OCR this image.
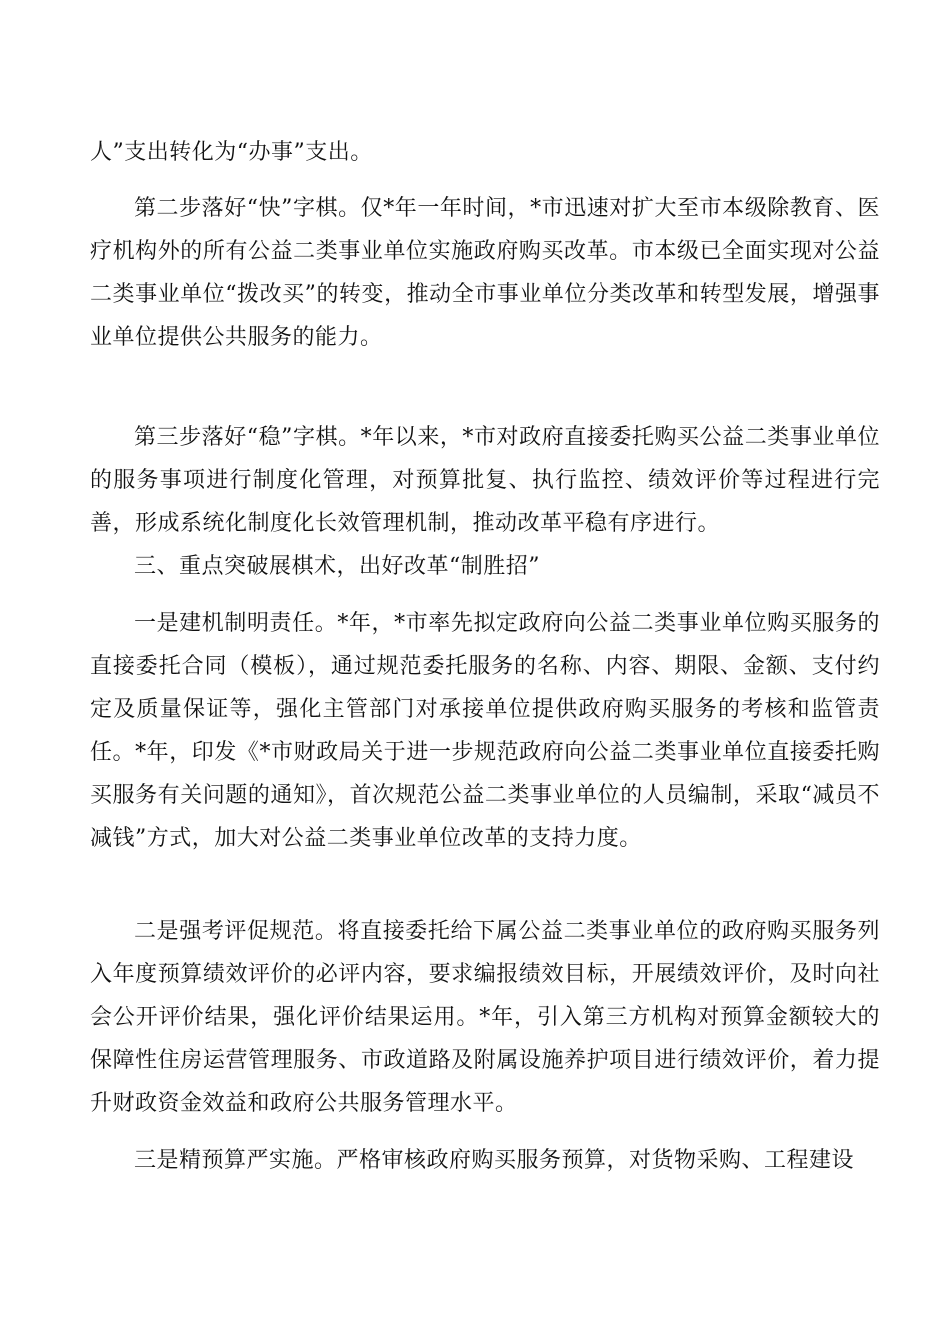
人”支出转化为“办事”支出。

第二步落好“快”字棋。仅*年一年时间，*市迅速对扩大至市本级除教育、医疗机构外的所有公益二类事业单位实施政府购买改革。市本级已全面实现对公益二类事业单位“拨改买”的转变，推动全市事业单位分类改革和转型发展，增强事业单位提供公共服务的能力。

第三步落好“稳”字棋。*年以来，*市对政府直接委托购买公益二类事业单位的服务事项进行制度化管理，对预算批复、执行监控、绩效评价等过程进行完善，形成系统化制度化长效管理机制，推动改革平稳有序进行。

三、重点突破展棋术，出好改革“制胜招”

一是建机制明责任。*年，*市率先拟定政府向公益二类事业单位购买服务的直接委托合同（模板），通过规范委托服务的名称、内容、期限、金额、支付约定及质量保证等，强化主管部门对承接单位提供政府购买服务的考核和监管责任。*年，印发《*市财政局关于进一步规范政府向公益二类事业单位直接委托购买服务有关问题的通知》，首次规范公益二类事业单位的人员编制，采取“减员不减钱”方式，加大对公益二类事业单位改革的支持力度。

二是强考评促规范。将直接委托给下属公益二类事业单位的政府购买服务列入年度预算绩效评价的必评内容，要求编报绩效目标，开展绩效评价，及时向社会公开评价结果，强化评价结果运用。*年，引入第三方机构对预算金额较大的保障性住房运营管理服务、市政道路及附属设施养护项目进行绩效评价，着力提升财政资金效益和政府公共服务管理水平。

三是精预算严实施。严格审核政府购买服务预算，对货物采购、工程建设
